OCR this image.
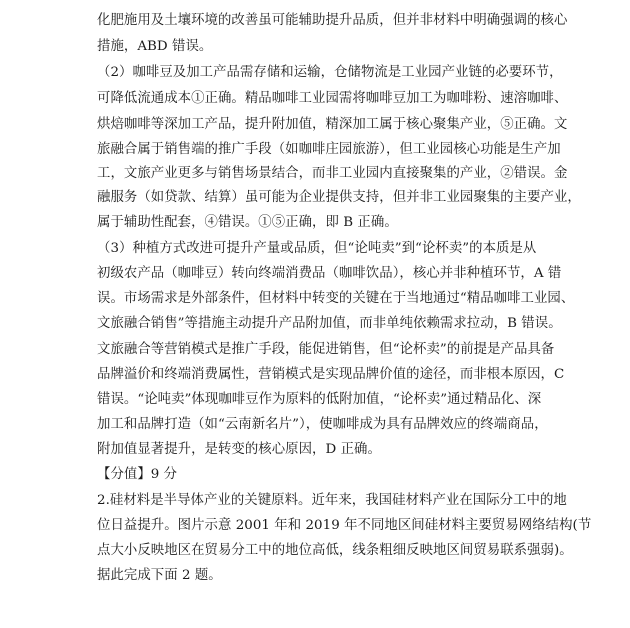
化肥施用及土壤环境的改善虽可能辅助提升品质，但并非材料中明确强调的核心
措施，ABD 错误。
（2）咖啡豆及加工产品需存储和运输，仓储物流是工业园产业链的必要环节，
可降低流通成本①正确。精品咖啡工业园需将咖啡豆加工为咖啡粉、速溶咖啡、
烘焙咖啡等深加工产品，提升附加值，精深加工属于核心聚集产业，⑤正确。文
旅融合属于销售端的推广手段（如咖啡庄园旅游），但工业园核心功能是生产加
工，文旅产业更多与销售场景结合，而非工业园内直接聚集的产业，②错误。金
融服务（如贷款、结算）虽可能为企业提供支持，但并非工业园聚集的主要产业，
属于辅助性配套，④错误。①⑤正确，即 B 正确。
（3）种植方式改进可提升产量或品质，但“论吨卖”到“论杯卖”的本质是从
初级农产品（咖啡豆）转向终端消费品（咖啡饮品），核心并非种植环节，A 错
误。市场需求是外部条件，但材料中转变的关键在于当地通过“精品咖啡工业园、
文旅融合销售”等措施主动提升产品附加值，而非单纯依赖需求拉动，B 错误。
文旅融合等营销模式是推广手段，能促进销售，但“论杯卖”的前提是产品具备
品牌溢价和终端消费属性，营销模式是实现品牌价值的途径，而非根本原因，C
错误。“论吨卖”体现咖啡豆作为原料的低附加值，“论杯卖”通过精品化、深
加工和品牌打造（如“云南新名片”），使咖啡成为具有品牌效应的终端商品，
附加值显著提升，是转变的核心原因，D 正确。
【分值】9 分
2.硅材料是半导体产业的关键原料。近年来，我国硅材料产业在国际分工中的地
位日益提升。图片示意 2001 年和 2019 年不同地区间硅材料主要贸易网络结构(节
点大小反映地区在贸易分工中的地位高低，线条粗细反映地区间贸易联系强弱)。
据此完成下面 2 题。
